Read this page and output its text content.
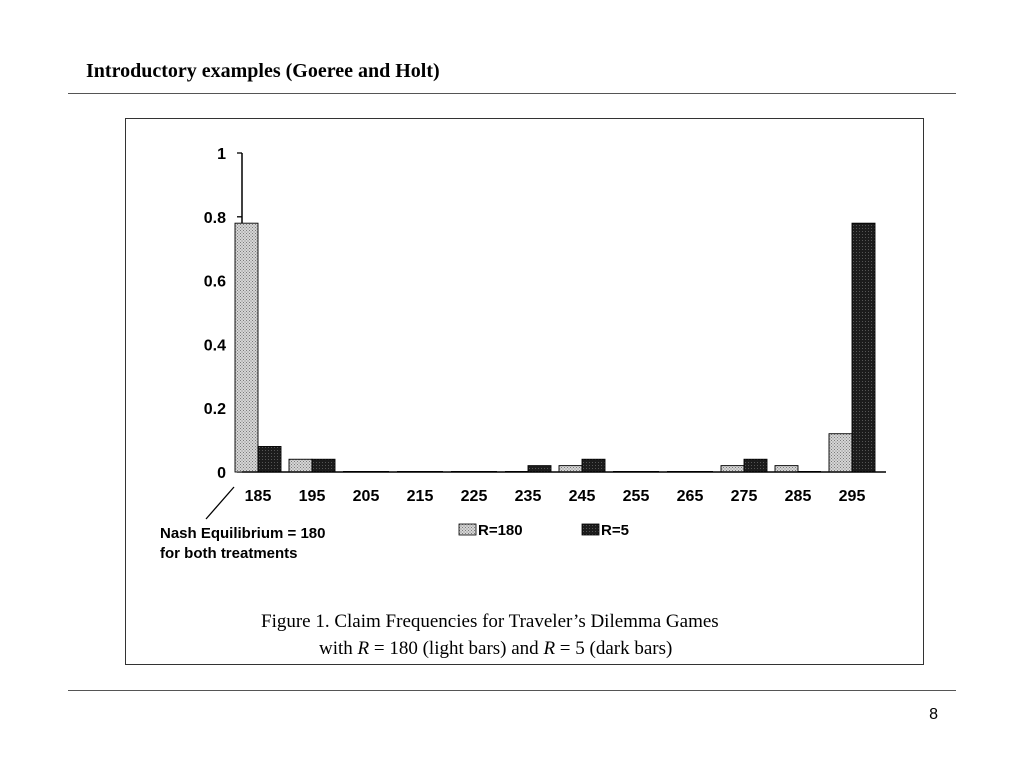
Introductory examples (Goeree and Holt)
0
0.2
0.4
0.6
0.8
1
185 195 205 215 225 235 245 255 265 275 285 295
Nash Equilibrium = 180
for both treatments
R=180	R=5
Figure 1. Claim Frequencies for Traveler’s Dilemma Games
with R = 180 (light bars) and R = 5 (dark bars)
8
